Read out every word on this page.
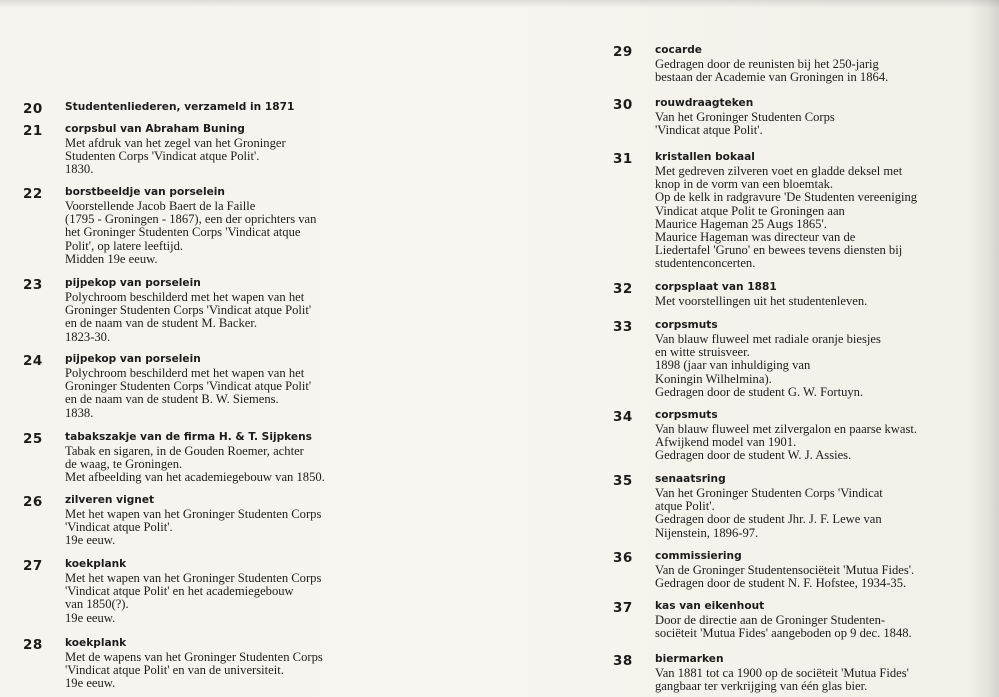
20 Studentenliederen, verzameld in 1871
21 corpsbul van Abraham Buning
Met afdruk van het zegel van het Groninger
Studenten Corps 'Vindicat atque Polit'.
1830.
22 borstbeeldje van porselein
Voorstellende Jacob Baert de la Faille
(1795 - Groningen - 1867), een der oprichters van
het Groninger Studenten Corps 'Vindicat atque
Polit', op latere leeftijd.
Midden 19e eeuw.
23 pijpekop van porselein
Polychroom beschilderd met het wapen van het
Groninger Studenten Corps 'Vindicat atque Polit'
en de naam van de student M. Backer.
1823-30.
24 pijpekop van porselein
Polychroom beschilderd met het wapen van het
Groninger Studenten Corps 'Vindicat atque Polit'
en de naam van de student B. W. Siemens.
1838.
25 tabakszakje van de firma H. & T. Sijpkens
Tabak en sigaren, in de Gouden Roemer, achter
de waag, te Groningen.
Met afbeelding van het academiegebouw van 1850.
26 zilveren vignet
Met het wapen van het Groninger Studenten Corps
'Vindicat atque Polit'.
19e eeuw.
27 koekplank
Met het wapen van het Groninger Studenten Corps
'Vindicat atque Polit' en het academiegebouw
van 1850(?).
19e eeuw.
28 koekplank
Met de wapens van het Groninger Studenten Corps
'Vindicat atque Polit' en van de universiteit.
19e eeuw.
29 cocarde
Gedragen door de reunisten bij het 250-jarig
bestaan der Academie van Groningen in 1864.
30 rouwdraagteken
Van het Groninger Studenten Corps
'Vindicat atque Polit'.
31 kristallen bokaal
Met gedreven zilveren voet en gladde deksel met
knop in de vorm van een bloemtak.
Op de kelk in radgravure 'De Studenten vereeniging
Vindicat atque Polit te Groningen aan
Maurice Hageman 25 Augs 1865'.
Maurice Hageman was directeur van de
Liedertafel 'Gruno' en bewees tevens diensten bij
studentenconcerten.
32 corpsplaat van 1881
Met voorstellingen uit het studentenleven.
33 corpsmuts
Van blauw fluweel met radiale oranje biesjes
en witte struisveer.
1898 (jaar van inhuldiging van
Koningin Wilhelmina).
Gedragen door de student G. W. Fortuyn.
34 corpsmuts
Van blauw fluweel met zilvergalon en paarse kwast.
Afwijkend model van 1901.
Gedragen door de student W. J. Assies.
35 senaatsring
Van het Groninger Studenten Corps 'Vindicat
atque Polit'.
Gedragen door de student Jhr. J. F. Lewe van
Nijenstein, 1896-97.
36 commissiering
Van de Groninger Studentensociëteit 'Mutua Fides'.
Gedragen door de student N. F. Hofstee, 1934-35.
37 kas van eikenhout
Door de directie aan de Groninger Studenten-
sociëteit 'Mutua Fides' aangeboden op 9 dec. 1848.
38 biermarken
Van 1881 tot ca 1900 op de sociëteit 'Mutua Fides'
gangbaar ter verkrijging van één glas bier.
